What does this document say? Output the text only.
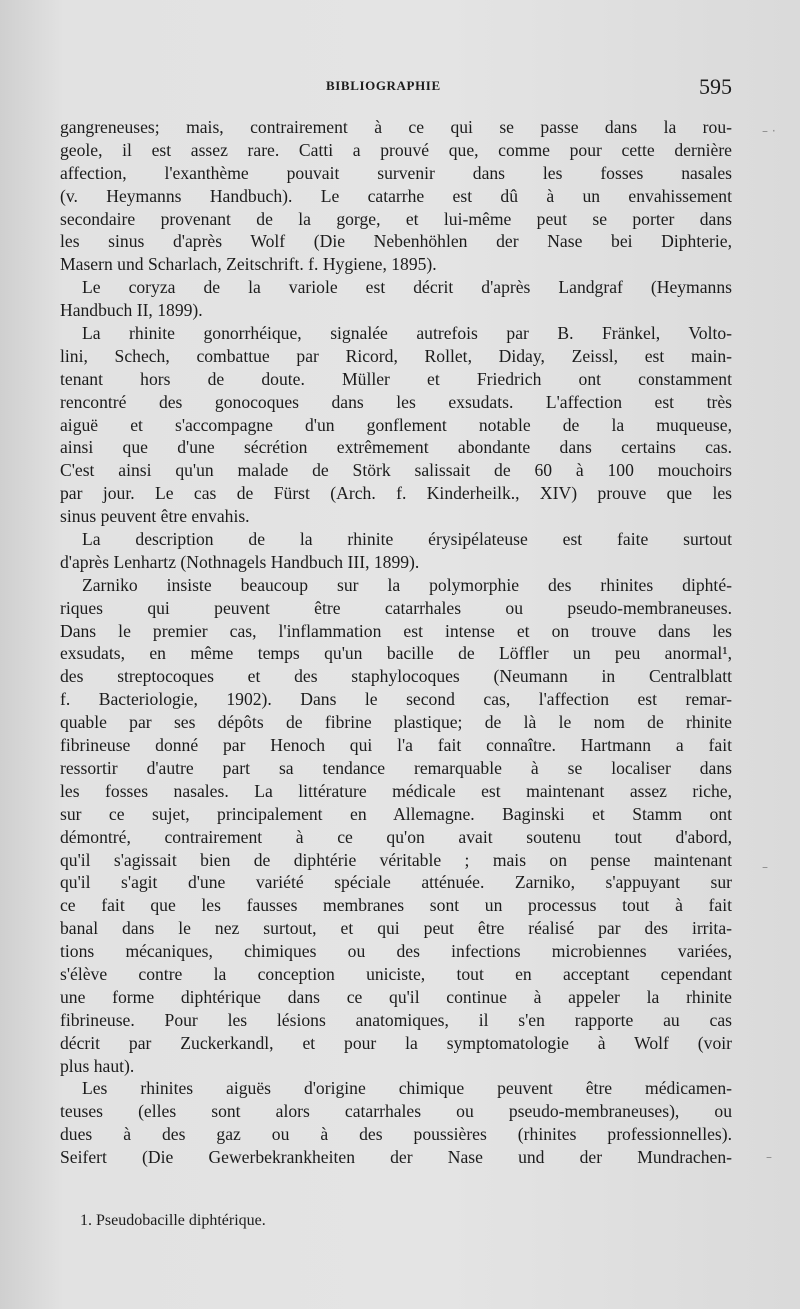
BIBLIOGRAPHIE	595
gangreneuses; mais, contrairement à ce qui se passe dans la rou-
geole, il est assez rare. Catti a prouvé que, comme pour cette dernière
affection, l'exanthème pouvait survenir dans les fosses nasales
(v. Heymanns Handbuch). Le catarrhe est dû à un envahissement
secondaire provenant de la gorge, et lui-même peut se porter dans
les sinus d'après Wolf (Die Nebenhöhlen der Nase bei Diphterie,
Masern und Scharlach, Zeitschrift. f. Hygiene, 1895).
Le coryza de la variole est décrit d'après Landgraf (Heymanns
Handbuch II, 1899).
La rhinite gonorrhéique, signalée autrefois par B. Fränkel, Volto-
lini, Schech, combattue par Ricord, Rollet, Diday, Zeissl, est main-
tenant hors de doute. Müller et Friedrich ont constamment
rencontré des gonocoques dans les exsudats. L'affection est très
aiguë et s'accompagne d'un gonflement notable de la muqueuse,
ainsi que d'une sécrétion extrêmement abondante dans certains cas.
C'est ainsi qu'un malade de Störk salissait de 60 à 100 mouchoirs
par jour. Le cas de Fürst (Arch. f. Kinderheilk., XIV) prouve que les
sinus peuvent être envahis.
La description de la rhinite érysipélateuse est faite surtout
d'après Lenhartz (Nothnagels Handbuch III, 1899).
Zarniko insiste beaucoup sur la polymorphie des rhinites diphté-
riques qui peuvent être catarrhales ou pseudo-membraneuses.
Dans le premier cas, l'inflammation est intense et on trouve dans les
exsudats, en même temps qu'un bacille de Löffler un peu anormal¹,
des streptocoques et des staphylocoques (Neumann in Centralblatt
f. Bacteriologie, 1902). Dans le second cas, l'affection est remar-
quable par ses dépôts de fibrine plastique; de là le nom de rhinite
fibrineuse donné par Henoch qui l'a fait connaître. Hartmann a fait
ressortir d'autre part sa tendance remarquable à se localiser dans
les fosses nasales. La littérature médicale est maintenant assez riche,
sur ce sujet, principalement en Allemagne. Baginski et Stamm ont
démontré, contrairement à ce qu'on avait soutenu tout d'abord,
qu'il s'agissait bien de diphtérie véritable ; mais on pense maintenant
qu'il s'agit d'une variété spéciale atténuée. Zarniko, s'appuyant sur
ce fait que les fausses membranes sont un processus tout à fait
banal dans le nez surtout, et qui peut être réalisé par des irrita-
tions mécaniques, chimiques ou des infections microbiennes variées,
s'élève contre la conception uniciste, tout en acceptant cependant
une forme diphtérique dans ce qu'il continue à appeler la rhinite
fibrineuse. Pour les lésions anatomiques, il s'en rapporte au cas
décrit par Zuckerkandl, et pour la symptomatologie à Wolf (voir
plus haut).
Les rhinites aiguës d'origine chimique peuvent être médicamen-
teuses (elles sont alors catarrhales ou pseudo-membraneuses), ou
dues à des gaz ou à des poussières (rhinites professionnelles).
Seifert (Die Gewerbekrankheiten der Nase und der Mundrachen-
1. Pseudobacille diphtérique.
– ·
–
–
